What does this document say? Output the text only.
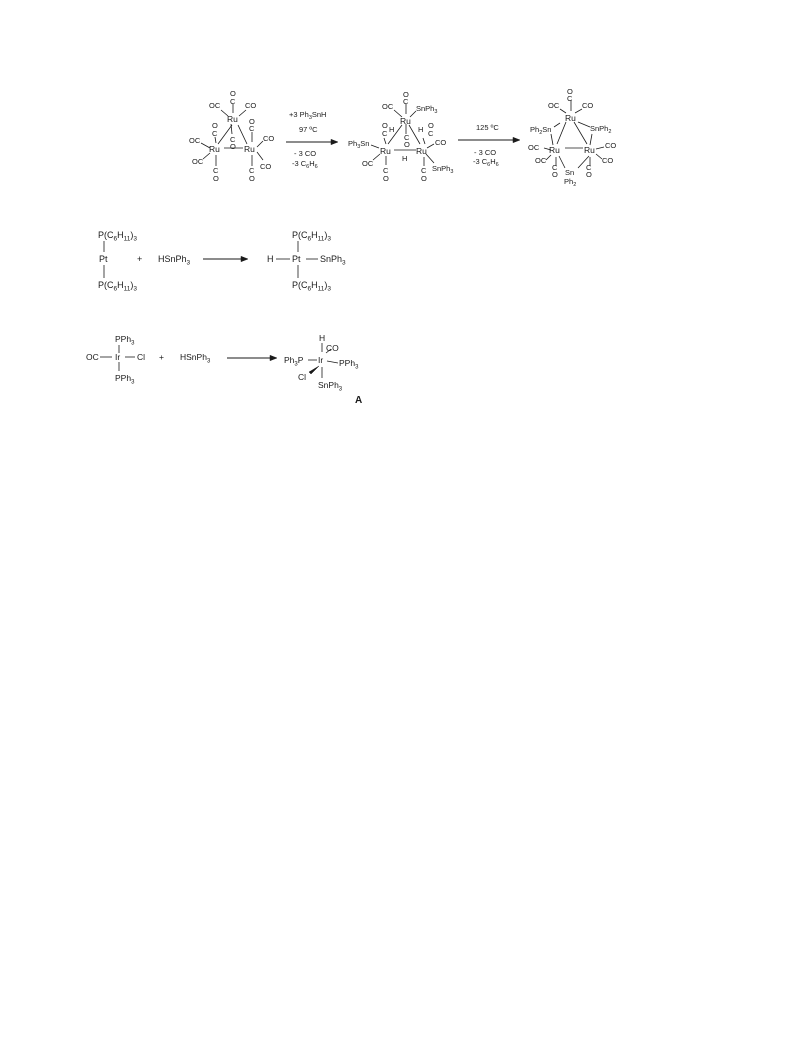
O
C
OC	CO
Ru
O
C
O
C
C
O
OC
Ru	Ru
CO
OC
CO
C
O
C
O
+3 $Ph_3SnH$
97 ºC
- 3 CO
-3 $C_6H_6$
O
C
OC	SnPh$_3$
Ru
O
C H
C
O
H O
C
$Ph_3Sn$	CO
Ru	Ru
H
OC
SnPh$_3$
C
O
C
O
125 ºC
- 3 CO
-3 $C_6H_6$
O
C
OC	CO
Ru
$Ph_2Sn$	SnPh$_2$
OC Ru	Ru CO
OC	CO
C
O
C
O
Sn
$Ph_2$
$P(C_6H_{11})_3$
Pt
$P(C_6H_{11})_3$
+ HSnPh$_3$
$P(C_6H_{11})_3$
H Pt SnPh$_3$
$P(C_6H_{11})_3$
PPh$_3$
OC Ir Cl
PPh$_3$
+ HSnPh$_3$
H
CO
$Ph_3P$ Ir PPh$_3$
Cl
SnPh$_3$
A
